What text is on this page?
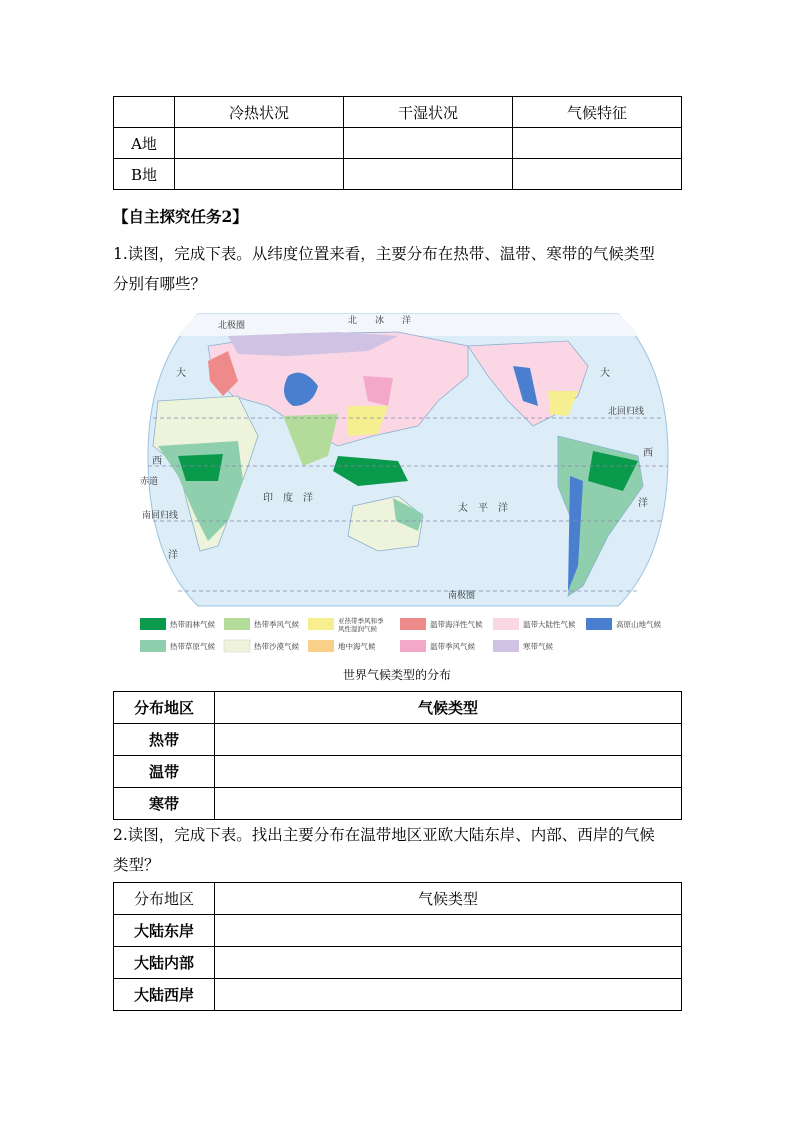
	冷热状况	干湿状况	气候特征
A地			
B地			
【自主探究任务2】
1.读图，完成下表。从纬度位置来看，主要分布在热带、温带、寒带的气候类型
分别有哪些？
北极圈	北　　冰　　洋
北回归线
赤道
南回归线
南极圈
印　度　洋
太　平　洋
大
西
洋
大
西
洋
热带雨林气候	热带季风气候	亚热带季风和季
风性湿润气候	温带海洋性气候	温带大陆性气候	高原山地气候
热带草原气候	热带沙漠气候	地中海气候	温带季风气候	寒带气候
世界气候类型的分布
分布地区	气候类型
热带	
温带	
寒带	
2.读图，完成下表。找出主要分布在温带地区亚欧大陆东岸、内部、西岸的气候
类型？
分布地区	气候类型
大陆东岸	
大陆内部	
大陆西岸	
